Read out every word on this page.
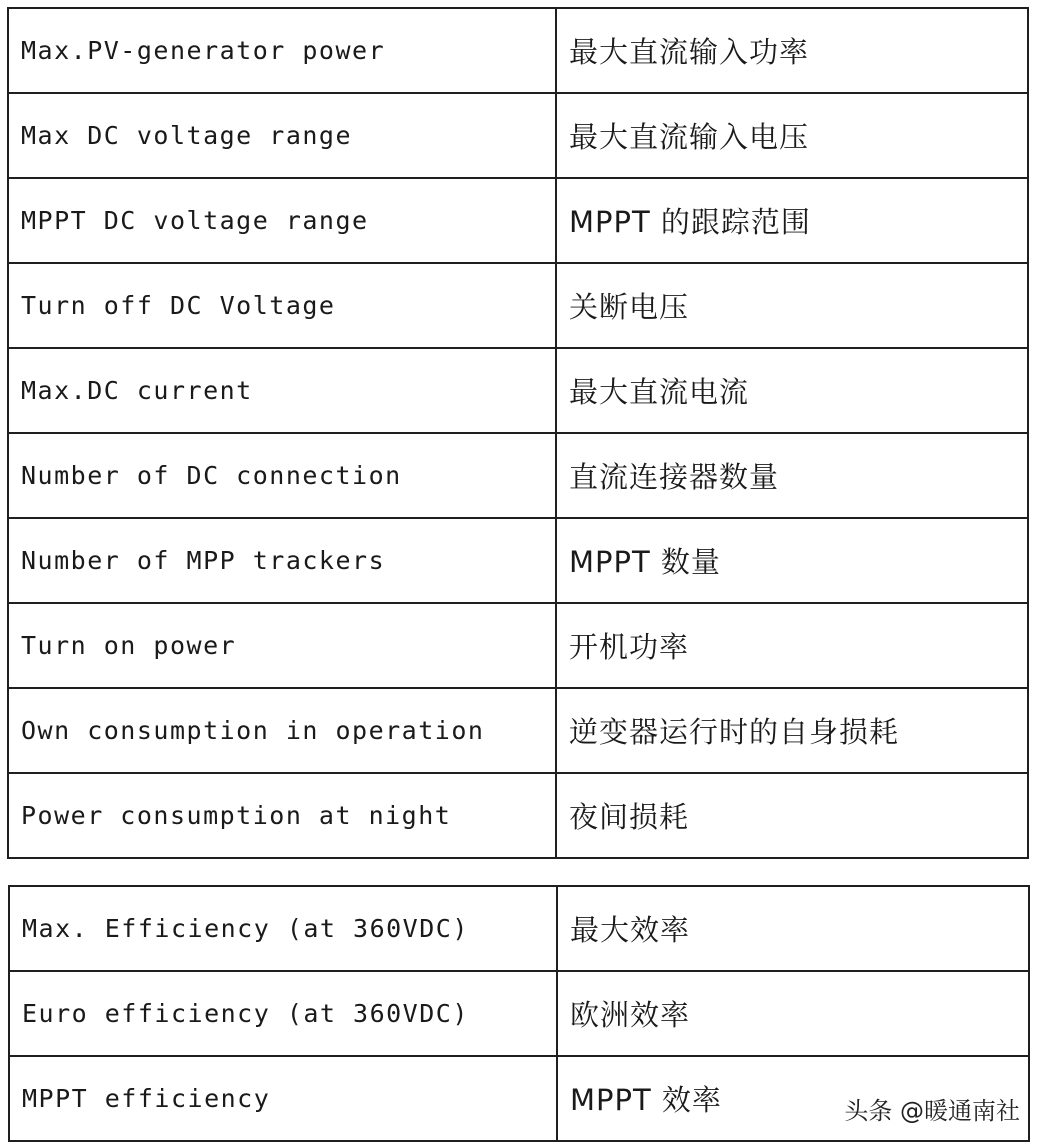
Max.PV-generator power	最大直流输入功率
Max DC voltage range	最大直流输入电压
MPPT DC voltage range	MPPT 的跟踪范围
Turn off DC Voltage	关断电压
Max.DC current	最大直流电流
Number of DC connection	直流连接器数量
Number of MPP trackers	MPPT 数量
Turn on power	开机功率
Own consumption in operation	逆变器运行时的自身损耗
Power consumption at night	夜间损耗
Max. Efficiency (at 360VDC)	最大效率
Euro efficiency (at 360VDC)	欧洲效率
MPPT efficiency	MPPT 效率	头条 @暖通南社
